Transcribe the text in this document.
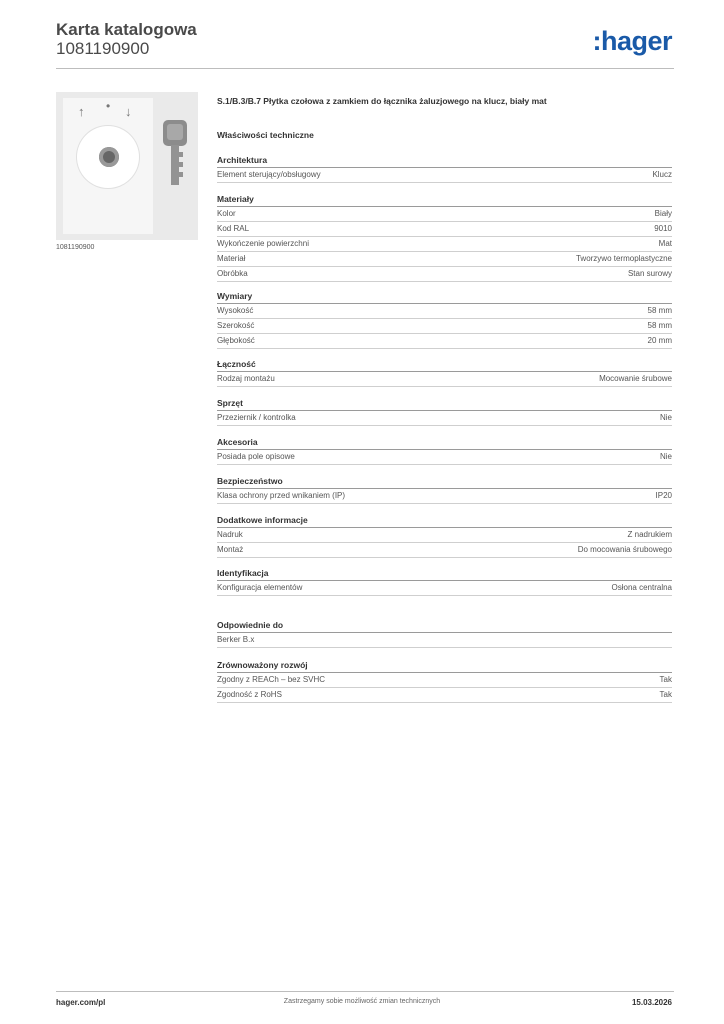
Karta katalogowa
1081190900	:hager
↑ • ↓
1081190900
S.1/B.3/B.7 Płytka czołowa z zamkiem do łącznika żaluzjowego na klucz, biały mat
Właściwości techniczne
Architektura
Element sterujący/obsługowy	Klucz
Materiały
Kolor	Biały
Kod RAL	9010
Wykończenie powierzchni	Mat
Materiał	Tworzywo termoplastyczne
Obróbka	Stan surowy
Wymiary
Wysokość	58 mm
Szerokość	58 mm
Głębokość	20 mm
Łączność
Rodzaj montażu	Mocowanie śrubowe
Sprzęt
Przeziernik / kontrolka	Nie
Akcesoria
Posiada pole opisowe	Nie
Bezpieczeństwo
Klasa ochrony przed wnikaniem (IP)	IP20
Dodatkowe informacje
Nadruk	Z nadrukiem
Montaż	Do mocowania śrubowego
Identyfikacja
Konfiguracja elementów	Osłona centralna
Odpowiednie do
Berker B.x
Zrównoważony rozwój
Zgodny z REACh – bez SVHC	Tak
Zgodność z RoHS	Tak
hager.com/pl	Zastrzegamy sobie możliwość zmian technicznych	15.03.2026
